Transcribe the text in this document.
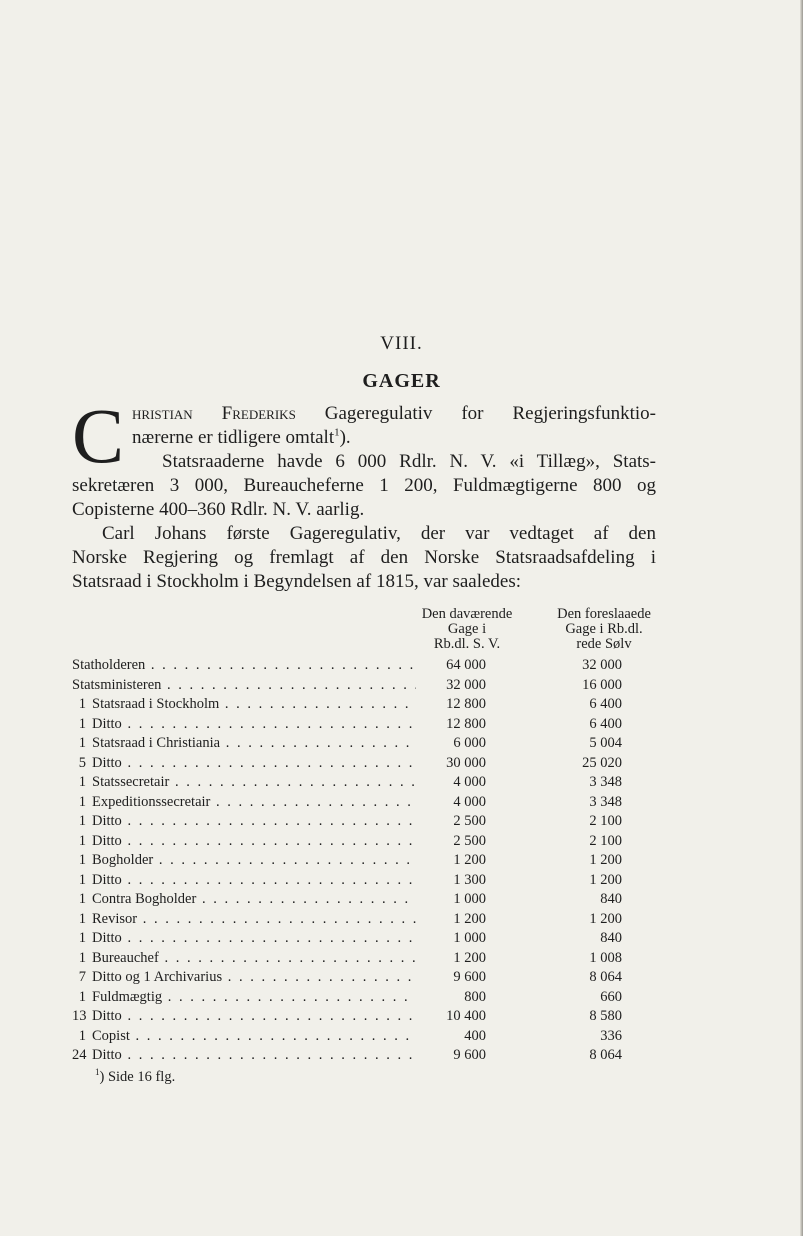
VIII.
GAGER

C hristian Frederiks Gageregulativ for Regjeringsfunktio-
nærerne er tidligere omtalt$^1$).

Statsraaderne havde 6 000 Rdlr. N. V. «i Tillæg», Stats-
sekretæren 3 000, Bureaucheferne 1 200, Fuldmægtigerne 800 og
Copisterne 400–360 Rdlr. N. V. aarlig.

Carl Johans første Gageregulativ, der var vedtaget af den
Norske Regjering og fremlagt af den Norske Statsraadsafdeling i
Statsraad i Stockholm i Begyndelsen af 1815, var saaledes:

Den daværende
Gage i
Rb.dl. S. V.
Den foreslaaede
Gage i Rb.dl.
rede Sølv
Statholderen . . .	64 000	32 000
Statsministeren . . .	32 000	16 000
1 Statsraad i Stockholm . . .	12 800	6 400
1 Ditto . . .	12 800	6 400
1 Statsraad i Christiania . . .	6 000	5 004
5 Ditto . . .	30 000	25 020
1 Statssecretair . . .	4 000	3 348
1 Expeditionssecretair . . .	4 000	3 348
1 Ditto . . .	2 500	2 100
1 Ditto . . .	2 500	2 100
1 Bogholder . . .	1 200	1 200
1 Ditto . . .	1 300	1 200
1 Contra Bogholder . . .	1 000	840
1 Revisor . . .	1 200	1 200
1 Ditto . . .	1 000	840
1 Bureauchef . . .	1 200	1 008
7 Ditto og 1 Archivarius . . .	9 600	8 064
1 Fuldmægtig . . .	800	660
13 Ditto . . .	10 400	8 580
1 Copist . . .	400	336
24 Ditto . . .	9 600	8 064
$^1$) Side 16 flg.
